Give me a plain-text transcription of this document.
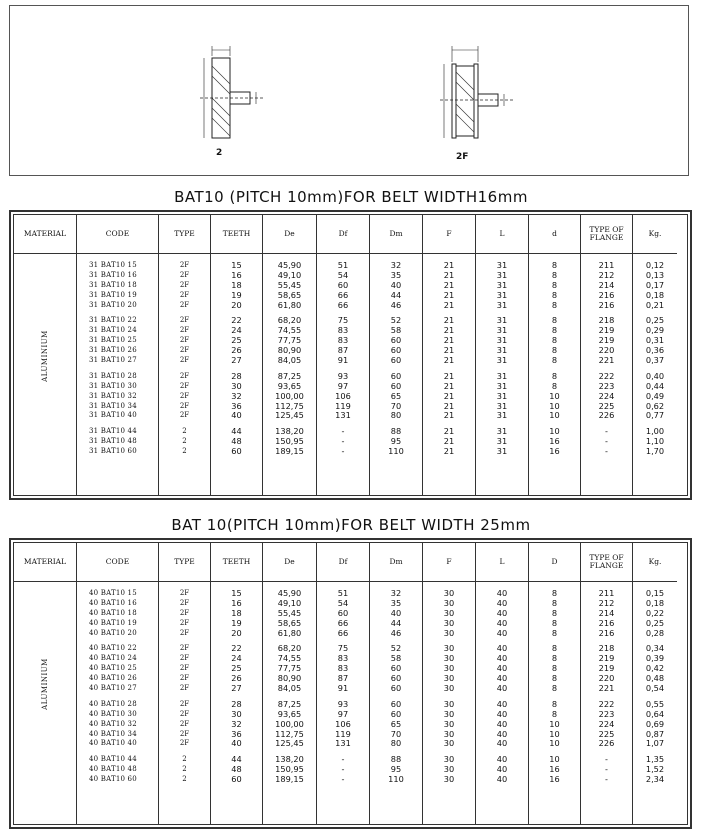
2	2F
BAT10 (PITCH 10mm)FOR BELT WIDTH16mm
MATERIAL
ALUMINIUM
CODE
31 BAT10 15
31 BAT10 16
31 BAT10 18
31 BAT10 19
31 BAT10 20
31 BAT10 22
31 BAT10 24
31 BAT10 25
31 BAT10 26
31 BAT10 27
31 BAT10 28
31 BAT10 30
31 BAT10 32
31 BAT10 34
31 BAT10 40
31 BAT10 44
31 BAT10 48
31 BAT10 60
TYPE
2F
2F
2F
2F
2F
2F
2F
2F
2F
2F
2F
2F
2F
2F
2F
2
2
2
TEETH
15
16
18
19
20
22
24
25
26
27
28
30
32
36
40
44
48
60
De
45,90
49,10
55,45
58,65
61,80
68,20
74,55
77,75
80,90
84,05
87,25
93,65
100,00
112,75
125,45
138,20
150,95
189,15
Df
51
54
60
66
66
75
83
83
87
91
93
97
106
119
131
-
-
-
Dm
32
35
40
44
46
52
58
60
60
60
60
60
65
70
80
88
95
110
F
21
21
21
21
21
21
21
21
21
21
21
21
21
21
21
21
21
21
L
31
31
31
31
31
31
31
31
31
31
31
31
31
31
31
31
31
31
d
8
8
8
8
8
8
8
8
8
8
8
8
10
10
10
10
16
16
TYPE OF FLANGE
211
212
214
216
216
218
219
219
220
221
222
223
224
225
226
-
-
-
Kg.
0,12
0,13
0,17
0,18
0,21
0,25
0,29
0,31
0,36
0,37
0,40
0,44
0,49
0,62
0,77
1,00
1,10
1,70
BAT 10(PITCH 10mm)FOR BELT WIDTH 25mm
MATERIAL
ALUMINIUM
CODE
40 BAT10 15
40 BAT10 16
40 BAT10 18
40 BAT10 19
40 BAT10 20
40 BAT10 22
40 BAT10 24
40 BAT10 25
40 BAT10 26
40 BAT10 27
40 BAT10 28
40 BAT10 30
40 BAT10 32
40 BAT10 34
40 BAT10 40
40 BAT10 44
40 BAT10 48
40 BAT10 60
TYPE
2F
2F
2F
2F
2F
2F
2F
2F
2F
2F
2F
2F
2F
2F
2F
2
2
2
TEETH
15
16
18
19
20
22
24
25
26
27
28
30
32
36
40
44
48
60
De
45,90
49,10
55,45
58,65
61,80
68,20
74,55
77,75
80,90
84,05
87,25
93,65
100,00
112,75
125,45
138,20
150,95
189,15
Df
51
54
60
66
66
75
83
83
87
91
93
97
106
119
131
-
-
-
Dm
32
35
40
44
46
52
58
60
60
60
60
60
65
70
80
88
95
110
F
30
30
30
30
30
30
30
30
30
30
30
30
30
30
30
30
30
30
L
40
40
40
40
40
40
40
40
40
40
40
40
40
40
40
40
40
40
D
8
8
8
8
8
8
8
8
8
8
8
8
10
10
10
10
16
16
TYPE OF FLANGE
211
212
214
216
216
218
219
219
220
221
222
223
224
225
226
-
-
-
Kg.
0,15
0,18
0,22
0,25
0,28
0,34
0,39
0,42
0,48
0,54
0,55
0,64
0,69
0,87
1,07
1,35
1,52
2,34
